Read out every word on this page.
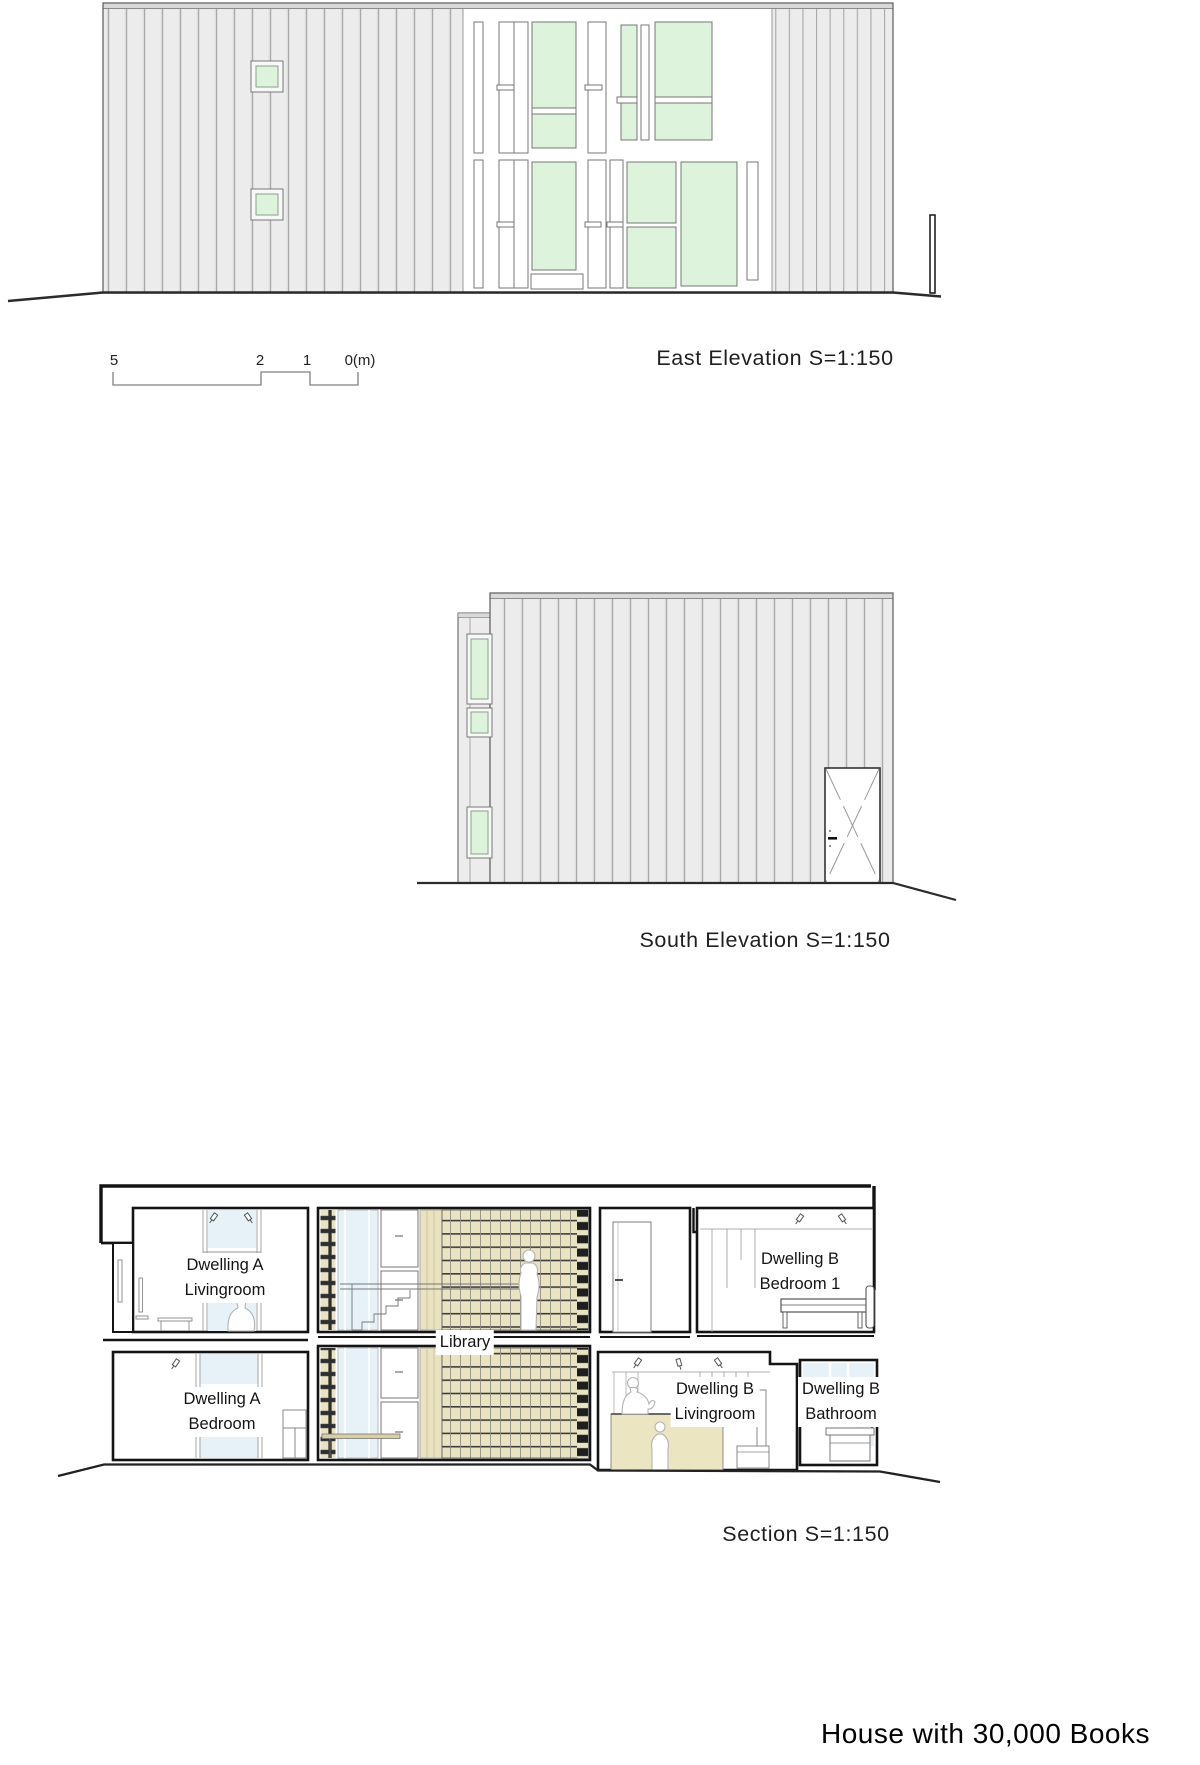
5	2	1 0(m)	East Elevation S=1:150
South Elevation S=1:150
Dwelling A
Livingroom
Dwelling B
Bedroom 1
Library
Dwelling A
Bedroom
Dwelling B
Livingroom
Dwelling B
Bathroom
Section S=1:150
House with 30,000 Books
